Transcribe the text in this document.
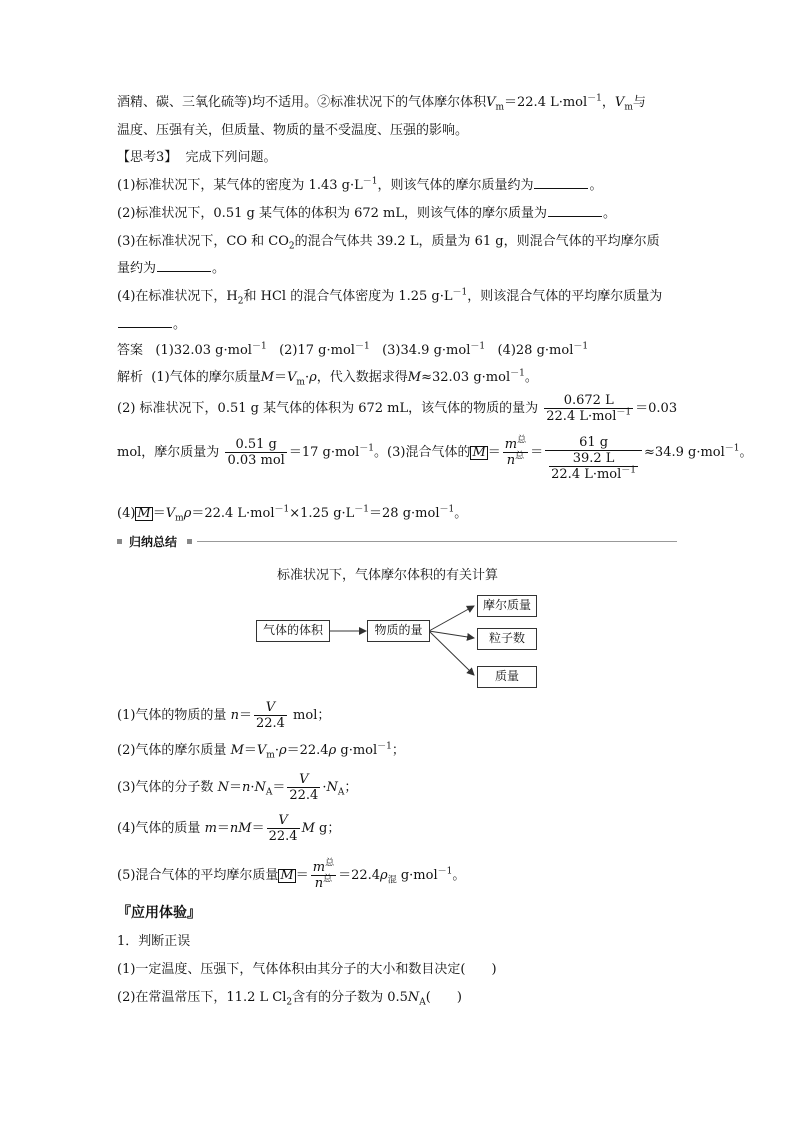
酒精、碳、三氧化硫等)均不适用。②标准状况下的气体摩尔体积$V_m=22.4$ L·mol$^{-1}$，$V_m$与
温度、压强有关，但质量、物质的量不受温度、压强的影响。
【思考3】 完成下列问题。
(1)标准状况下，某气体的密度为 1.43 $g\cdot L^{-1}$，则该气体的摩尔质量约为	。
(2)标准状况下，0.51 g 某气体的体积为 672 mL，则该气体的摩尔质量为	。
(3)在标准状况下，CO 和 $CO_2$的混合气体共 39.2 L，质量为 61 g，则混合气体的平均摩尔质
量约为	。
(4)在标准状况下，$H_2$和 HCl 的混合气体密度为 1.25 $g\cdot L^{-1}$，则该混合气体的平均摩尔质量为
。
答案 (1)32.03 g·mol$^{-1}$ (2)17 g·mol$^{-1}$ (3)34.9 g·mol$^{-1}$ (4)28 g·mol$^{-1}$
解析 (1)气体的摩尔质量$M=V_m\cdot\rho$，代入数据求得M≈32.03 g·mol$^{-1}$。
(2) 标准状况下，0.51 g 某气体的体积为 672 mL，该气体的物质的量为 $\frac{0.672 L}{22.4 L\cdot mol^{-1}} =0.03$
mol，摩尔质量为 $\frac{0.51 g}{\text{0.03 mol}} =17$ g·mol$^{-1}$。(3)混合气体的 $M = \frac{m^总}{n^总} = \frac{61 g}{\frac{39.2 L}{22.4 L\cdot mol^{-1}}} \approx 34.9$ g·mol$^{-1}$。
(4) $M =V_m\rho=22.4$ L·mol$^{-1}$×1.25 $g\cdot L^{-1}=28$ g·mol$^{-1}$。
归纳总结
标准状况下，气体摩尔体积的有关计算
气体的体积	物质的量
摩尔质量
粒子数
质量
(1)气体的物质的量 $n= \frac{V}{22.4}$ mol；
(2)气体的摩尔质量 $M=V_m\cdot\rho=22.4\rho$ g·mol$^{-1}$；
(3)气体的分子数 $N=n\cdot N_A= \frac{V}{22.4} \cdot N_A$；
(4)气体的质量 $m=nM= \frac{V}{22.4}$ M g；
(5)混合气体的平均摩尔质量 $M = \frac{m^总}{n^总} =22.4\rho_混$ g·mol$^{-1}$。
『应用体验』
1．判断正误
(1)一定温度、压强下，气体体积由其分子的大小和数目决定(　　)
(2)在常温常压下，11.2 L $Cl_2$含有的分子数为 $0.5N_A$(　　)
